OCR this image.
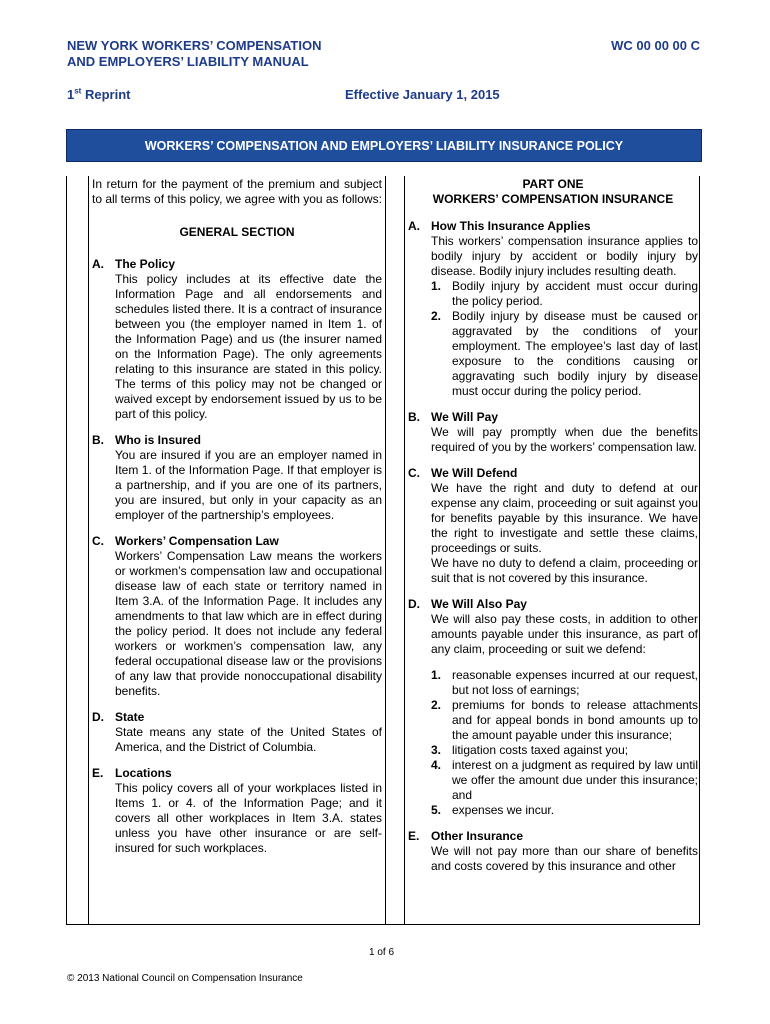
NEW YORK WORKERS’ COMPENSATION
AND EMPLOYERS’ LIABILITY MANUAL
WC 00 00 00 C
1st Reprint	Effective January 1, 2015
WORKERS’ COMPENSATION AND EMPLOYERS’ LIABILITY INSURANCE POLICY

In return for the payment of the premium and subject to all terms of this policy, we agree with you as follows:

GENERAL SECTION

A. The Policy

This policy includes at its effective date the Information Page and all endorsements and schedules listed there. It is a contract of insurance between you (the employer named in Item 1. of the Information Page) and us (the insurer named on the Information Page). The only agreements relating to this insurance are stated in this policy. The terms of this policy may not be changed or waived except by endorsement issued by us to be part of this policy.

B. Who is Insured

You are insured if you are an employer named in Item 1. of the Information Page. If that employer is a partnership, and if you are one of its partners, you are insured, but only in your capacity as an employer of the partnership’s employees.

C. Workers’ Compensation Law

Workers’ Compensation Law means the workers or workmen’s compensation law and occupational disease law of each state or territory named in Item 3.A. of the Information Page. It includes any amendments to that law which are in effect during the policy period. It does not include any federal workers or workmen’s compensation law, any federal occupational disease law or the provisions of any law that provide nonoccupational disability benefits.

D. State

State means any state of the United States of America, and the District of Columbia.

E. Locations

This policy covers all of your workplaces listed in Items 1. or 4. of the Information Page; and it covers all other workplaces in Item 3.A. states unless you have other insurance or are self-insured for such workplaces.

PART ONE

WORKERS’ COMPENSATION INSURANCE

A. How This Insurance Applies

This workers’ compensation insurance applies to bodily injury by accident or bodily injury by disease. Bodily injury includes resulting death.

1. Bodily injury by accident must occur during the policy period.

2. Bodily injury by disease must be caused or aggravated by the conditions of your employment. The employee’s last day of last exposure to the conditions causing or aggravating such bodily injury by disease must occur during the policy period.

B. We Will Pay

We will pay promptly when due the benefits required of you by the workers’ compensation law.

C. We Will Defend

We have the right and duty to defend at our expense any claim, proceeding or suit against you for benefits payable by this insurance. We have the right to investigate and settle these claims, proceedings or suits.

We have no duty to defend a claim, proceeding or suit that is not covered by this insurance.

D. We Will Also Pay

We will also pay these costs, in addition to other amounts payable under this insurance, as part of any claim, proceeding or suit we defend:

1. reasonable expenses incurred at our request, but not loss of earnings;

2. premiums for bonds to release attachments and for appeal bonds in bond amounts up to the amount payable under this insurance;

3. litigation costs taxed against you;

4. interest on a judgment as required by law until we offer the amount due under this insurance; and

5. expenses we incur.

E. Other Insurance

We will not pay more than our share of benefits and costs covered by this insurance and other

1 of 6
© 2013 National Council on Compensation Insurance
